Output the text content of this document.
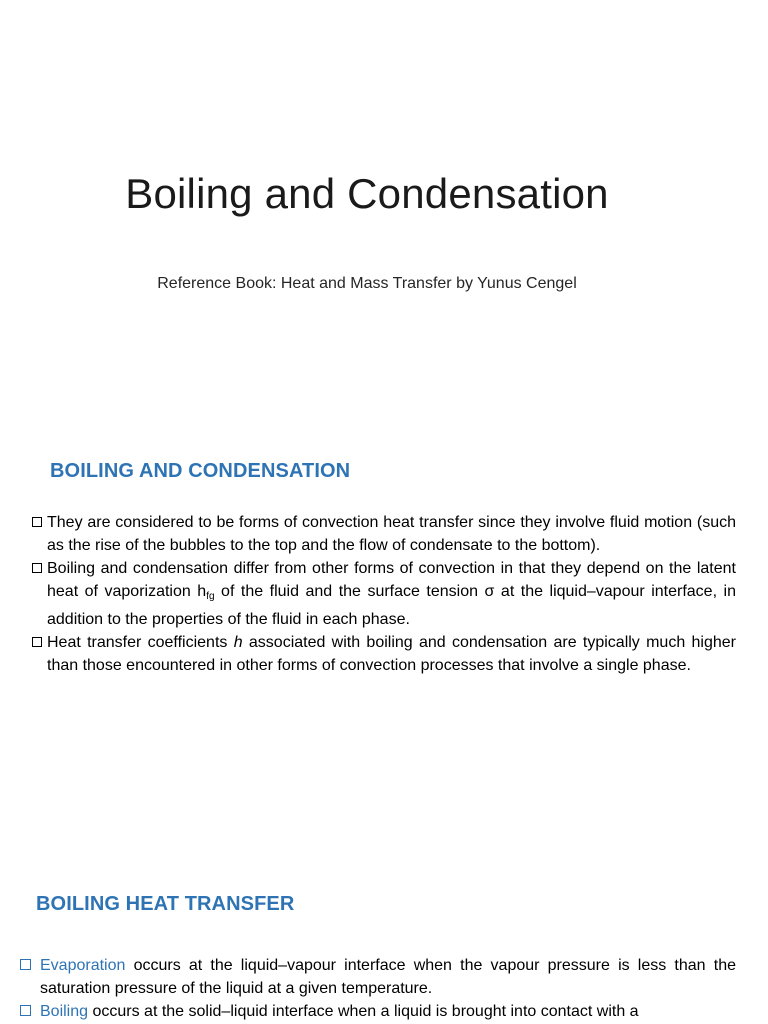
Boiling and Condensation
Reference Book: Heat and Mass Transfer by Yunus Cengel
BOILING AND CONDENSATION
They are considered to be forms of convection heat transfer since they involve fluid motion (such as the rise of the bubbles to the top and the flow of condensate to the bottom).
Boiling and condensation differ from other forms of convection in that they depend on the latent heat of vaporization $h_{fg}$ of the fluid and the surface tension σ at the liquid–vapour interface, in addition to the properties of the fluid in each phase.
Heat transfer coefficients h associated with boiling and condensation are typically much higher than those encountered in other forms of convection processes that involve a single phase.
BOILING HEAT TRANSFER
Evaporation occurs at the liquid–vapour interface when the vapour pressure is less than the saturation pressure of the liquid at a given temperature.
Boiling occurs at the solid–liquid interface when a liquid is brought into contact with a
